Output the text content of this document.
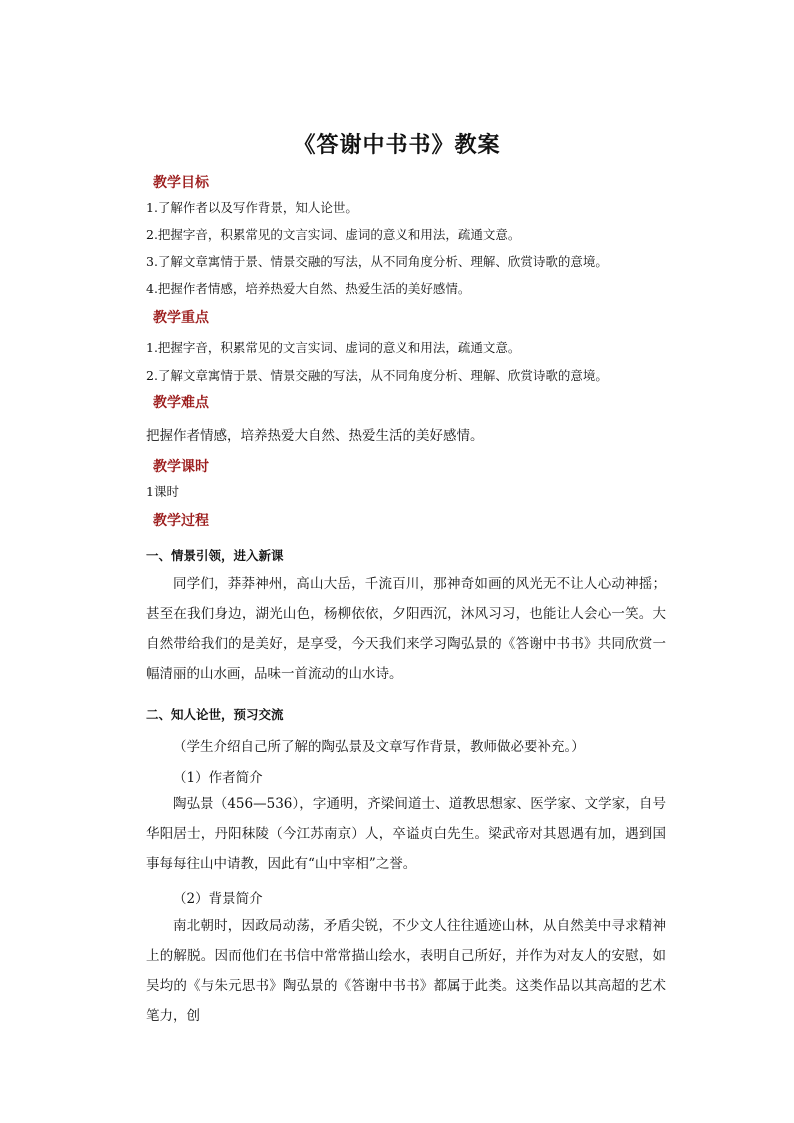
《答谢中书书》教案
教学目标
1.了解作者以及写作背景，知人论世。
2.把握字音，积累常见的文言实词、虚词的意义和用法，疏通文意。
3.了解文章寓情于景、情景交融的写法，从不同角度分析、理解、欣赏诗歌的意境。
4.把握作者情感，培养热爱大自然、热爱生活的美好感情。
教学重点
1.把握字音，积累常见的文言实词、虚词的意义和用法，疏通文意。
2.了解文章寓情于景、情景交融的写法，从不同角度分析、理解、欣赏诗歌的意境。
教学难点
把握作者情感，培养热爱大自然、热爱生活的美好感情。
教学课时
1课时
教学过程
一、情景引领，进入新课

同学们，莽莽神州，高山大岳，千流百川，那神奇如画的风光无不让人心动神摇；甚至在我们身边，湖光山色，杨柳依依，夕阳西沉，沐风习习，也能让人会心一笑。大自然带给我们的是美好，是享受，今天我们来学习陶弘景的《答谢中书书》共同欣赏一幅清丽的山水画，品味一首流动的山水诗。

二、知人论世，预习交流
（学生介绍自己所了解的陶弘景及文章写作背景，教师做必要补充。）
（1）作者简介

陶弘景（456—536），字通明，齐梁间道士、道教思想家、医学家、文学家，自号华阳居士，丹阳秣陵（今江苏南京）人，卒谥贞白先生。梁武帝对其恩遇有加，遇到国事每每往山中请教，因此有“山中宰相”之誉。

（2）背景简介

南北朝时，因政局动荡，矛盾尖锐，不少文人往往遁迹山林，从自然美中寻求精神上的解脱。因而他们在书信中常常描山绘水，表明自己所好，并作为对友人的安慰，如吴均的《与朱元思书》陶弘景的《答谢中书书》都属于此类。这类作品以其高超的艺术笔力，创
